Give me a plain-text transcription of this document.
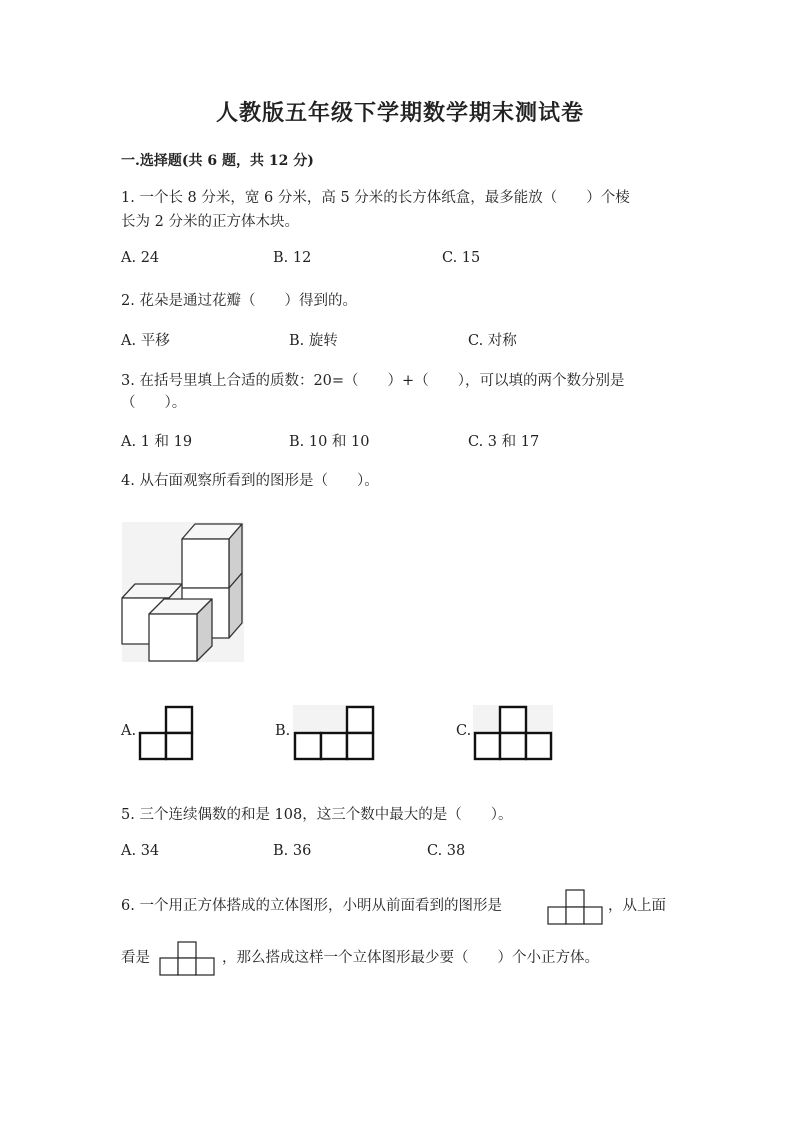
人教版五年级下学期数学期末测试卷
一.选择题(共 6 题，共 12 分)
1. 一个长 8 分米，宽 6 分米，高 5 分米的长方体纸盒，最多能放（　　）个棱
长为 2 分米的正方体木块。
A. 24	B. 12	C. 15
2. 花朵是通过花瓣（　　）得到的。
A. 平移	B. 旋转	C. 对称
3. 在括号里填上合适的质数：20=（　　）+（　　），可以填的两个数分别是
（　　）。
A. 1 和 19	B. 10 和 10	C. 3 和 17
4. 从右面观察所看到的图形是（　　）。
A.	B.	C.
5. 三个连续偶数的和是 108，这三个数中最大的是（　　）。
A. 34	B. 36	C. 38
6. 一个用正方体搭成的立体图形，小明从前面看到的图形是	，从上面
看是	，那么搭成这样一个立体图形最少要（　　）个小正方体。
